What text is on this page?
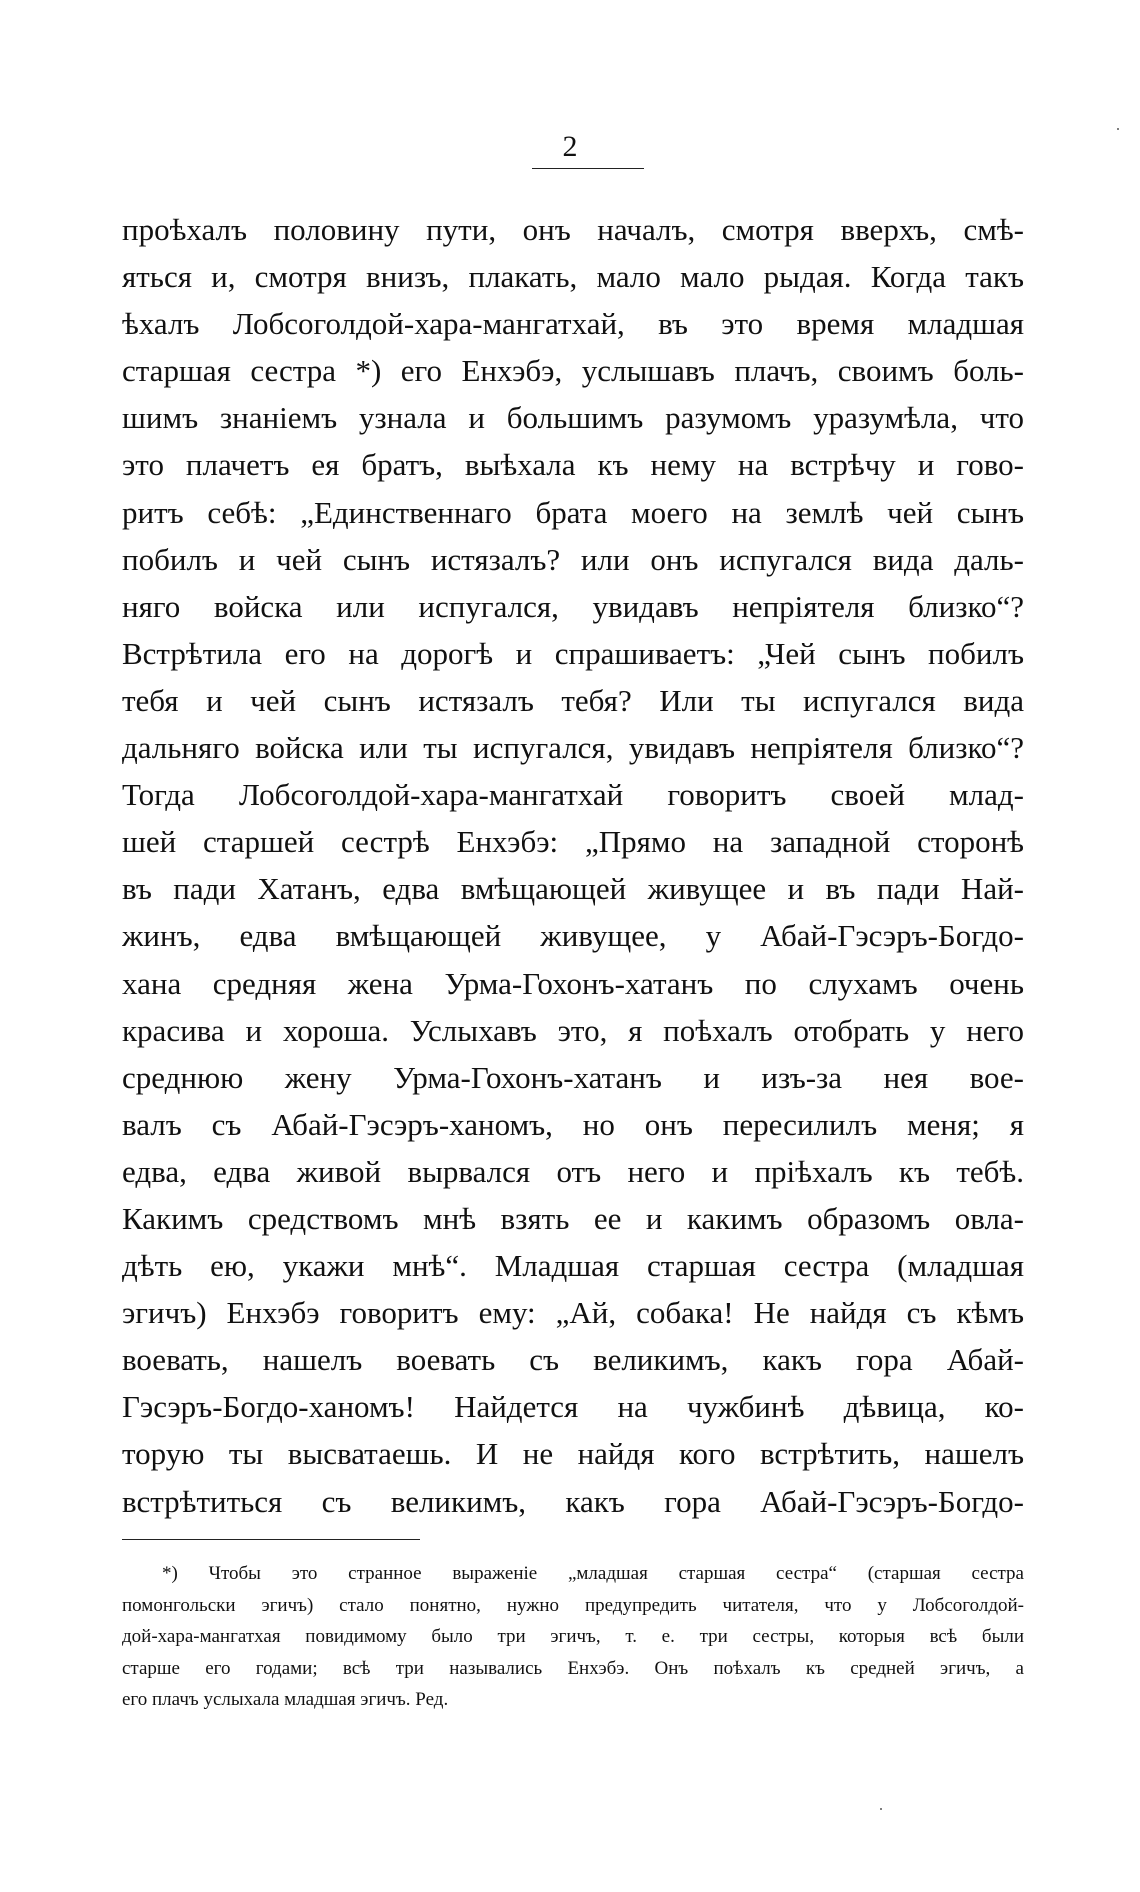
2
проѣхалъ половину пути, онъ началъ, смотря вверхъ, смѣ-
яться и, смотря внизъ, плакать, мало мало рыдая. Когда такъ
ѣхалъ Лобсоголдой-хара-мангатхай, въ это время младшая
старшая сестра *) его Енхэбэ, услышавъ плачъ, своимъ боль-
шимъ знаніемъ узнала и большимъ разумомъ уразумѣла, что
это плачетъ ея братъ, выѣхала къ нему на встрѣчу и гово-
ритъ себѣ: „Единственнаго брата моего на землѣ чей сынъ
побилъ и чей сынъ истязалъ? или онъ испугался вида даль-
няго войска или испугался, увидавъ непріятеля близко“?
Встрѣтила его на дорогѣ и спрашиваетъ: „Чей сынъ побилъ
тебя и чей сынъ истязалъ тебя? Или ты испугался вида
дальняго войска или ты испугался, увидавъ непріятеля близко“?
Тогда Лобсоголдой-хара-мангатхай говоритъ своей млад-
шей старшей сестрѣ Енхэбэ: „Прямо на западной сторонѣ
въ пади Хатанъ, едва вмѣщающей живущее и въ пади Най-
жинъ, едва вмѣщающей живущее, у Абай-Гэсэръ-Богдо-
хана средняя жена Урма-Гохонъ-хатанъ по слухамъ очень
красива и хороша. Услыхавъ это, я поѣхалъ отобрать у него
среднюю жену Урма-Гохонъ-хатанъ и изъ-за нея вое-
валъ съ Абай-Гэсэръ-ханомъ, но онъ пересилилъ меня; я
едва, едва живой вырвался отъ него и пріѣхалъ къ тебѣ.
Какимъ средствомъ мнѣ взять ее и какимъ образомъ овла-
дѣть ею, укажи мнѣ“. Младшая старшая сестра (младшая
эгичъ) Енхэбэ говоритъ ему: „Ай, собака! Не найдя съ кѣмъ
воевать, нашелъ воевать съ великимъ, какъ гора Абай-
Гэсэръ-Богдо-ханомъ! Найдется на чужбинѣ дѣвица, ко-
торую ты высватаешь. И не найдя кого встрѣтить, нашелъ
встрѣтиться съ великимъ, какъ гора Абай-Гэсэръ-Богдо-
*) Чтобы это странное выраженіе „младшая старшая сестра“ (старшая сестра
помонгольски эгичъ) стало понятно, нужно предупредить читателя, что у Лобсоголдой-
дой-хара-мангатхая повидимому было три эгичъ, т. е. три сестры, которыя всѣ были
старше его годами; всѣ три назывались Енхэбэ. Онъ поѣхалъ къ средней эгичъ, а
его плачъ услыхала младшая эгичъ. Ред.
